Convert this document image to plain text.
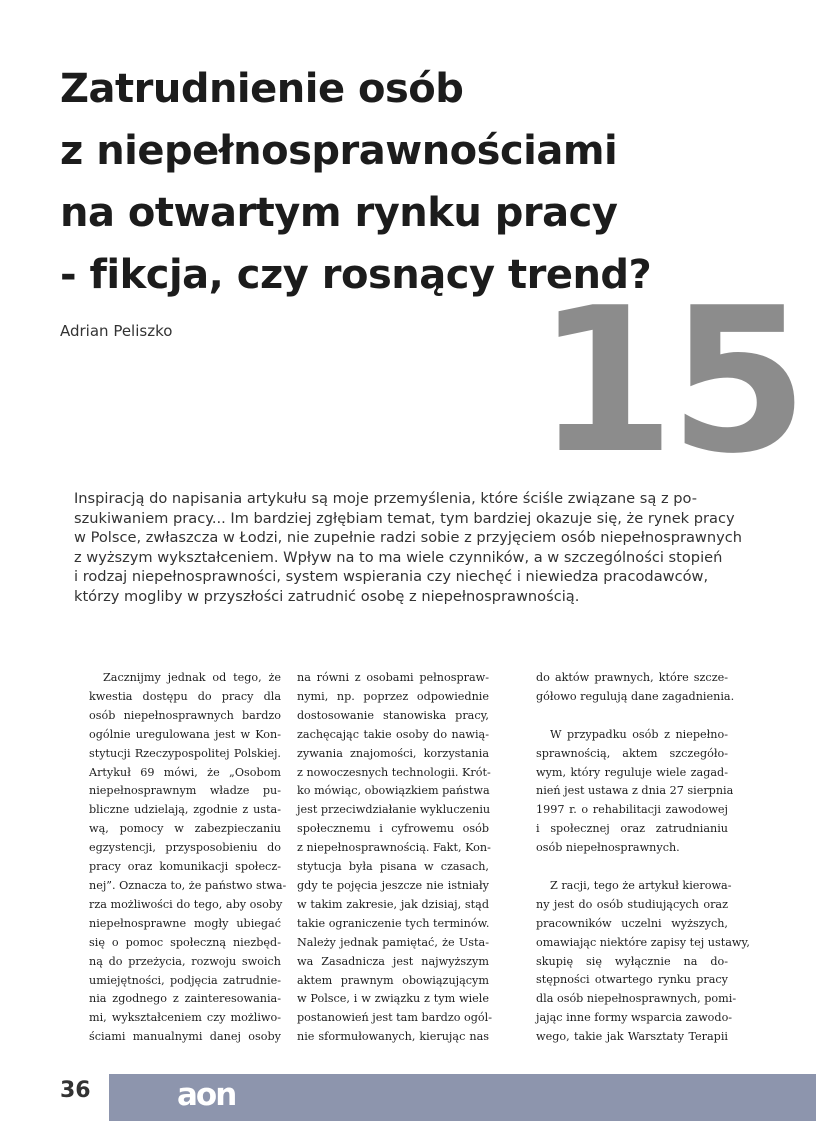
Zatrudnienie osób
z niepełnosprawnościami
na otwartym rynku pracy
- fikcja, czy rosnący trend?
15
Adrian Peliszko
Inspiracją do napisania artykułu są moje przemyślenia, które ściśle związane są z po-
szukiwaniem pracy... Im bardziej zgłębiam temat, tym bardziej okazuje się, że rynek pracy
w Polsce, zwłaszcza w Łodzi, nie zupełnie radzi sobie z przyjęciem osób niepełnosprawnych
z wyższym wykształceniem. Wpływ na to ma wiele czynników, a w szczególności stopień
i rodzaj niepełnosprawności, system wspierania czy niechęć i niewiedza pracodawców,
którzy mogliby w przyszłości zatrudnić osobę z niepełnosprawnością.

Zacznijmy jednak od tego, że
kwestia dostępu do pracy dla
osób niepełnosprawnych bardzo
ogólnie uregulowana jest w Kon-
stytucji Rzeczypospolitej Polskiej.
Artykuł 69 mówi, że „Osobom
niepełnosprawnym władze pu-
bliczne udzielają, zgodnie z usta-
wą, pomocy w zabezpieczaniu
egzystencji, przysposobieniu do
pracy oraz komunikacji społecz-
nej”. Oznacza to, że państwo stwa-
rza możliwości do tego, aby osoby
niepełnosprawne mogły ubiegać
się o pomoc społeczną niezbęd-
ną do przeżycia, rozwoju swoich
umiejętności, podjęcia zatrudnie-
nia zgodnego z zainteresowania-
mi, wykształceniem czy możliwo-
ściami manualnymi danej osoby

na równi z osobami pełnospraw-
nymi, np. poprzez odpowiednie
dostosowanie stanowiska pracy,
zachęcając takie osoby do nawią-
zywania znajomości, korzystania
z nowoczesnych technologii. Krót-
ko mówiąc, obowiązkiem państwa
jest przeciwdziałanie wykluczeniu
społecznemu i cyfrowemu osób
z niepełnosprawnością. Fakt, Kon-
stytucja była pisana w czasach,
gdy te pojęcia jeszcze nie istniały
w takim zakresie, jak dzisiaj, stąd
takie ograniczenie tych terminów.
Należy jednak pamiętać, że Usta-
wa Zasadnicza jest najwyższym
aktem prawnym obowiązującym
w Polsce, i w związku z tym wiele
postanowień jest tam bardzo ogól-
nie sformułowanych, kierując nas

do aktów prawnych, które szcze-
gółowo regulują dane zagadnienia.

W przypadku osób z niepełno-
sprawnością, aktem szczegóło-
wym, który reguluje wiele zagad-
nień jest ustawa z dnia 27 sierpnia
1997 r. o rehabilitacji zawodowej
i społecznej oraz zatrudnianiu
osób niepełnosprawnych.

Z racji, tego że artykuł kierowa-
ny jest do osób studiujących oraz
pracowników uczelni wyższych,
omawiając niektóre zapisy tej ustawy,
skupię się wyłącznie na do-
stępności otwartego rynku pracy
dla osób niepełnosprawnych, pomi-
jając inne formy wsparcia zawodo-
wego, takie jak Warsztaty Terapii

36	aon
